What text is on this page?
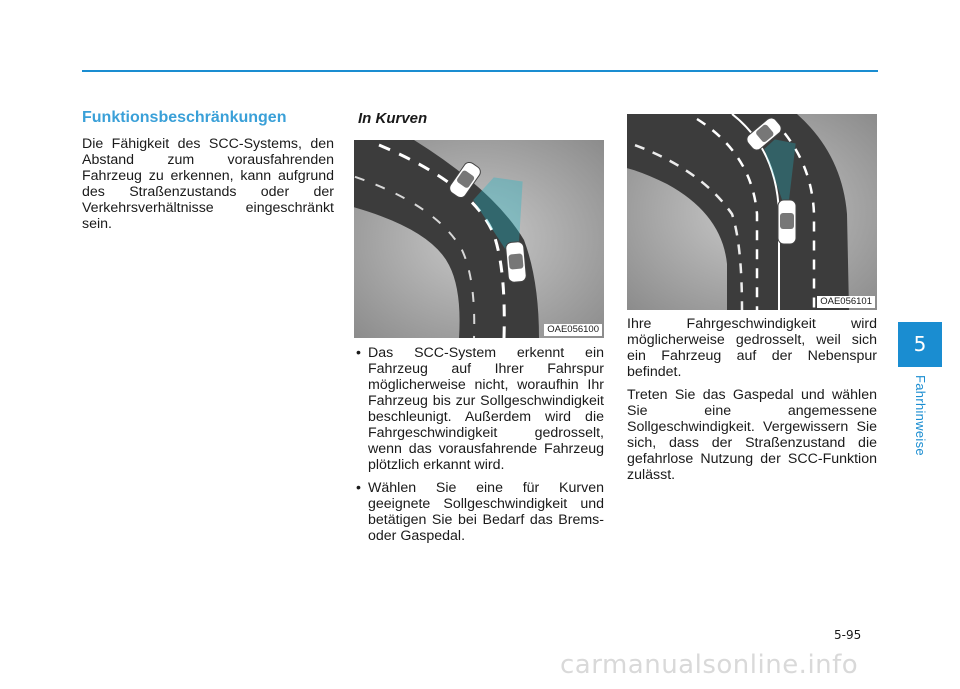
Funktionsbeschränkungen

Die Fähigkeit des SCC-Systems, den Abstand zum vorausfahrenden Fahrzeug zu erkennen, kann aufgrund des Straßenzustands oder der Verkehrsverhältnisse eingeschränkt sein.

In Kurven
OAE056100
• Das SCC-System erkennt ein Fahrzeug auf Ihrer Fahrspur möglicherweise nicht, woraufhin Ihr Fahrzeug bis zur Sollgeschwindigkeit beschleunigt. Außerdem wird die Fahrgeschwindigkeit gedrosselt, wenn das vorausfahrende Fahrzeug plötzlich erkannt wird.
• Wählen Sie eine für Kurven geeignete Sollgeschwindigkeit und betätigen Sie bei Bedarf das Brems- oder Gaspedal.
OAE056101

Ihre Fahrgeschwindigkeit wird möglicherweise gedrosselt, weil sich ein Fahrzeug auf der Nebenspur befindet.

Treten Sie das Gaspedal und wählen Sie eine angemessene Sollgeschwindigkeit. Vergewissern Sie sich, dass der Straßenzustand die gefahrlose Nutzung der SCC-Funktion zulässt.

5
Fahrhinweise
5-95
carmanualsonline.info
